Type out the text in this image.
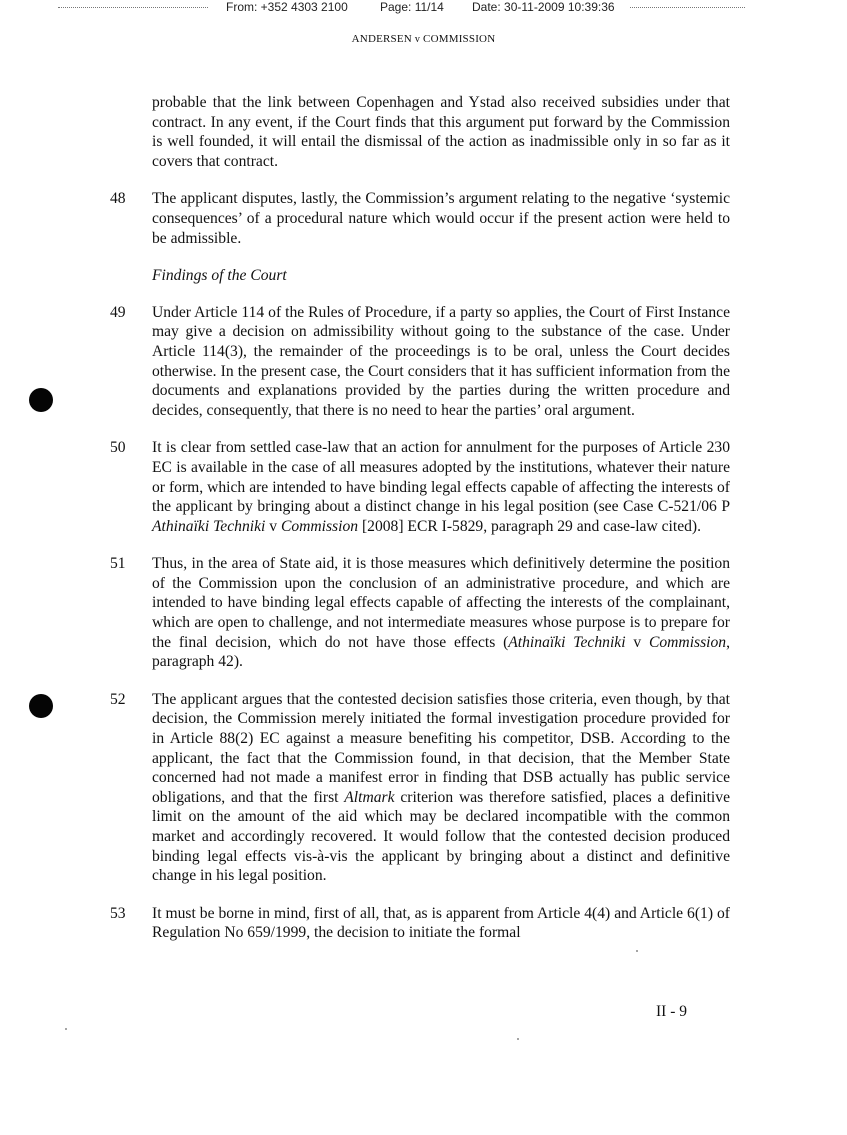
From: +352 4303 2100	Page: 11/14 Date: 30-11-2009 10:39:36
ANDERSEN v COMMISSION
probable that the link between Copenhagen and Ystad also received subsidies under that contract. In any event, if the Court finds that this argument put forward by the Commission is well founded, it will entail the dismissal of the action as inadmissible only in so far as it covers that contract.
48	The applicant disputes, lastly, the Commission’s argument relating to the negative ‘systemic consequences’ of a procedural nature which would occur if the present action were held to be admissible.
Findings of the Court
49	Under Article 114 of the Rules of Procedure, if a party so applies, the Court of First Instance may give a decision on admissibility without going to the substance of the case. Under Article 114(3), the remainder of the proceedings is to be oral, unless the Court decides otherwise. In the present case, the Court considers that it has sufficient information from the documents and explanations provided by the parties during the written procedure and decides, consequently, that there is no need to hear the parties’ oral argument.
50	It is clear from settled case-law that an action for annulment for the purposes of Article 230 EC is available in the case of all measures adopted by the institutions, whatever their nature or form, which are intended to have binding legal effects capable of affecting the interests of the applicant by bringing about a distinct change in his legal position (see Case C-521/06 P Athinaïki Techniki v Commission [2008] ECR I-5829, paragraph 29 and case-law cited).
51	Thus, in the area of State aid, it is those measures which definitively determine the position of the Commission upon the conclusion of an administrative procedure, and which are intended to have binding legal effects capable of affecting the interests of the complainant, which are open to challenge, and not intermediate measures whose purpose is to prepare for the final decision, which do not have those effects (Athinaïki Techniki v Commission, paragraph 42).
52	The applicant argues that the contested decision satisfies those criteria, even though, by that decision, the Commission merely initiated the formal investigation procedure provided for in Article 88(2) EC against a measure benefiting his competitor, DSB. According to the applicant, the fact that the Commission found, in that decision, that the Member State concerned had not made a manifest error in finding that DSB actually has public service obligations, and that the first Altmark criterion was therefore satisfied, places a definitive limit on the amount of the aid which may be declared incompatible with the common market and accordingly recovered. It would follow that the contested decision produced binding legal effects vis-à-vis the applicant by bringing about a distinct and definitive change in his legal position.
53	It must be borne in mind, first of all, that, as is apparent from Article 4(4) and Article 6(1) of Regulation No 659/1999, the decision to initiate the formal
II - 9
